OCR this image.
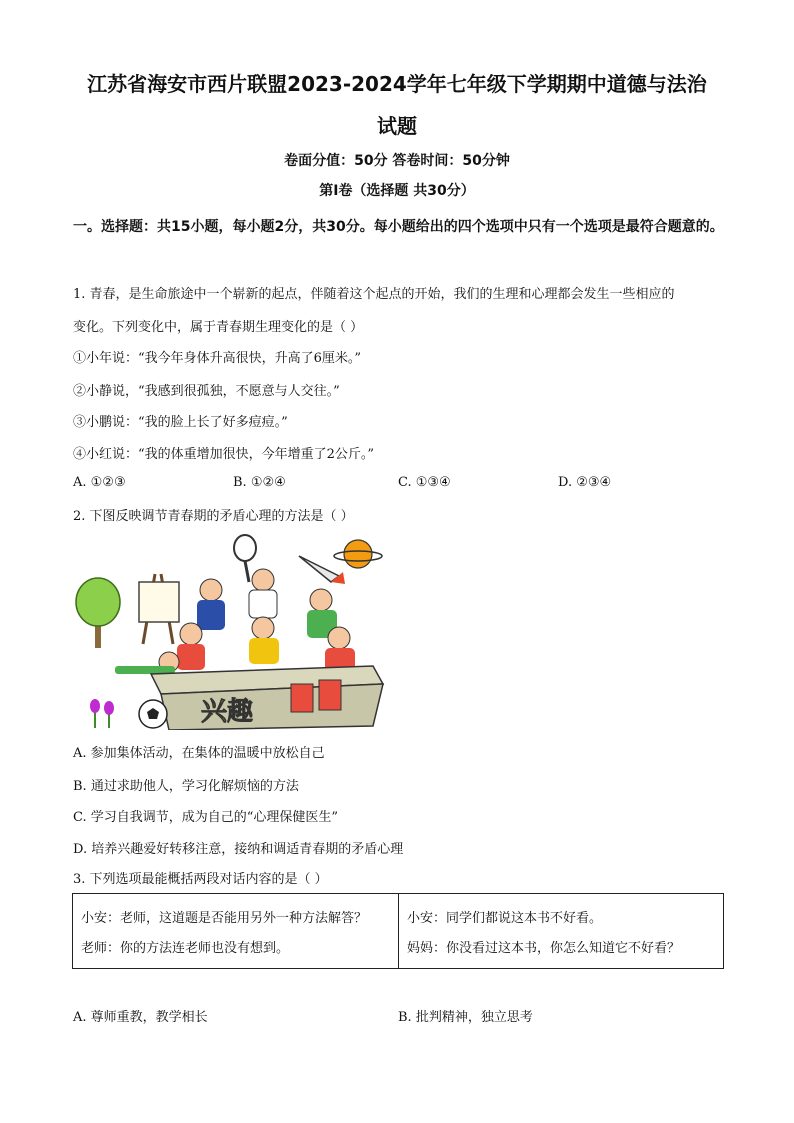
江苏省海安市西片联盟2023-2024学年七年级下学期期中道德与法治
试题
卷面分值：50分 答卷时间：50分钟
第Ⅰ卷（选择题 共30分）
一。选择题：共15小题，每小题2分，共30分。每小题给出的四个选项中只有一个选项是最符合题意的。
1. 青春，是生命旅途中一个崭新的起点，伴随着这个起点的开始，我们的生理和心理都会发生一些相应的
变化。下列变化中，属于青春期生理变化的是（ ）
①小年说：“我今年身体升高很快，升高了6厘米。”
②小静说，“我感到很孤独，不愿意与人交往。”
③小鹏说：“我的脸上长了好多痘痘。”
④小红说：“我的体重增加很快，今年增重了2公斤。”
A. ①②③	B. ①②④	C. ①③④	D. ②③④
2. 下图反映调节青春期的矛盾心理的方法是（ ）
兴趣
A. 参加集体活动，在集体的温暖中放松自己
B. 通过求助他人，学习化解烦恼的方法
C. 学习自我调节，成为自己的“心理保健医生”
D. 培养兴趣爱好转移注意，接纳和调适青春期的矛盾心理
3. 下列选项最能概括两段对话内容的是（ ）
小安：老师，这道题是否能用另外一种方法解答？
老师：你的方法连老师也没有想到。
小安：同学们都说这本书不好看。
妈妈：你没看过这本书，你怎么知道它不好看？
A. 尊师重教，教学相长	B. 批判精神，独立思考
